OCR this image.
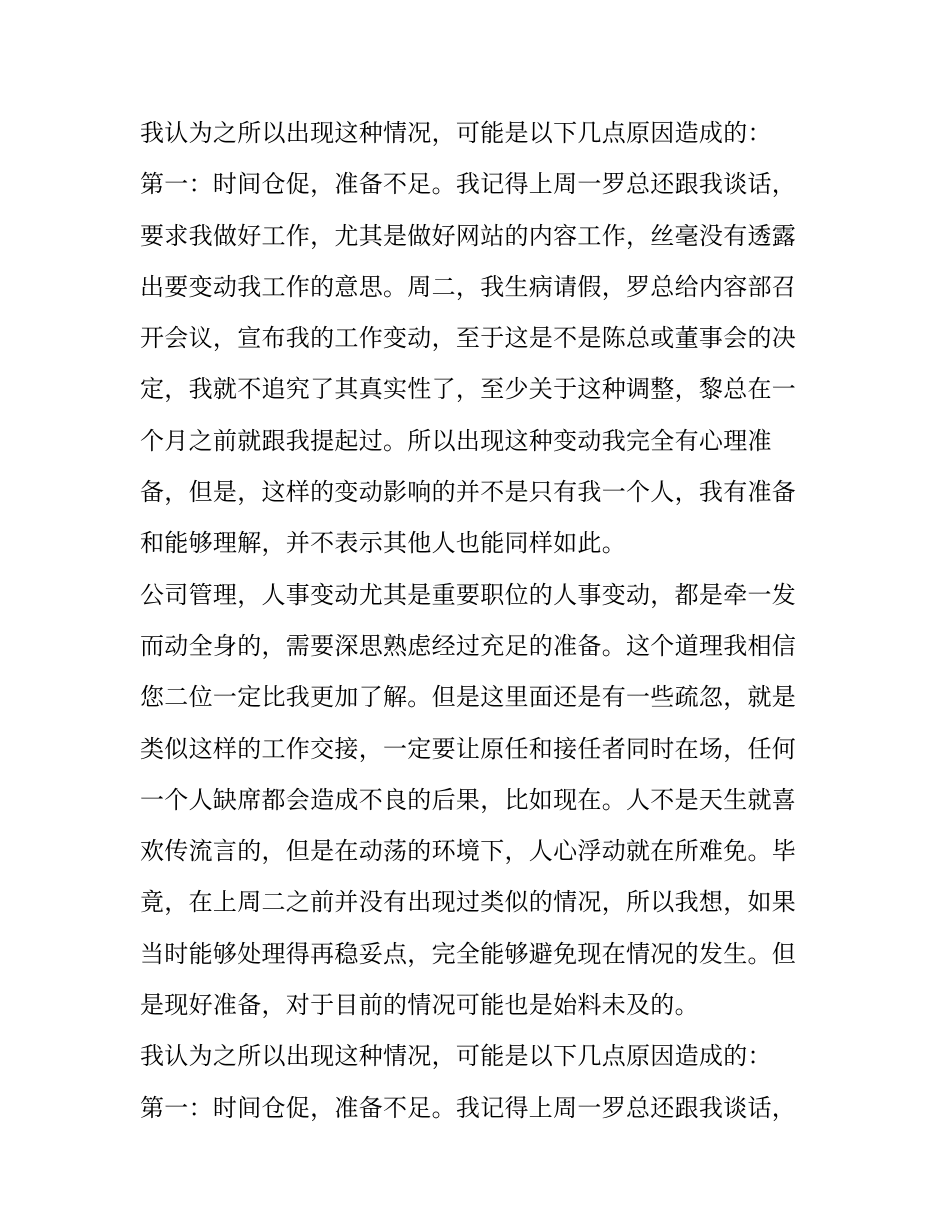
我认为之所以出现这种情况，可能是以下几点原因造成的：
第一：时间仓促，准备不足。我记得上周一罗总还跟我谈话，
要求我做好工作，尤其是做好网站的内容工作，丝毫没有透露
出要变动我工作的意思。周二，我生病请假，罗总给内容部召
开会议，宣布我的工作变动，至于这是不是陈总或董事会的决
定，我就不追究了其真实性了，至少关于这种调整，黎总在一
个月之前就跟我提起过。所以出现这种变动我完全有心理准
备，但是，这样的变动影响的并不是只有我一个人，我有准备
和能够理解，并不表示其他人也能同样如此。
公司管理，人事变动尤其是重要职位的人事变动，都是牵一发
而动全身的，需要深思熟虑经过充足的准备。这个道理我相信
您二位一定比我更加了解。但是这里面还是有一些疏忽，就是
类似这样的工作交接，一定要让原任和接任者同时在场，任何
一个人缺席都会造成不良的后果，比如现在。人不是天生就喜
欢传流言的，但是在动荡的环境下，人心浮动就在所难免。毕
竟，在上周二之前并没有出现过类似的情况，所以我想，如果
当时能够处理得再稳妥点，完全能够避免现在情况的发生。但
是现好准备，对于目前的情况可能也是始料未及的。
我认为之所以出现这种情况，可能是以下几点原因造成的：
第一：时间仓促，准备不足。我记得上周一罗总还跟我谈话，
